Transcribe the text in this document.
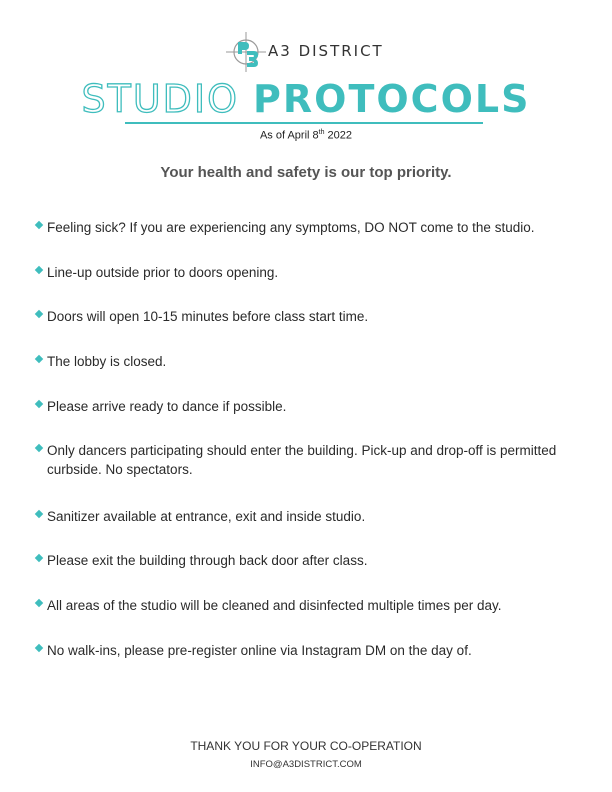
A3 DISTRICT
STUDIO PROTOCOLS
As of April 8th 2022
Your health and safety is our top priority.
Feeling sick? If you are experiencing any symptoms, DO NOT come to the studio.
Line-up outside prior to doors opening.
Doors will open 10-15 minutes before class start time.
The lobby is closed.
Please arrive ready to dance if possible.
Only dancers participating should enter the building. Pick-up and drop-off is permitted curbside. No spectators.
Sanitizer available at entrance, exit and inside studio.
Please exit the building through back door after class.
All areas of the studio will be cleaned and disinfected multiple times per day.
No walk-ins, please pre-register online via Instagram DM on the day of.
THANK YOU FOR YOUR CO-OPERATION
INFO@A3DISTRICT.COM
